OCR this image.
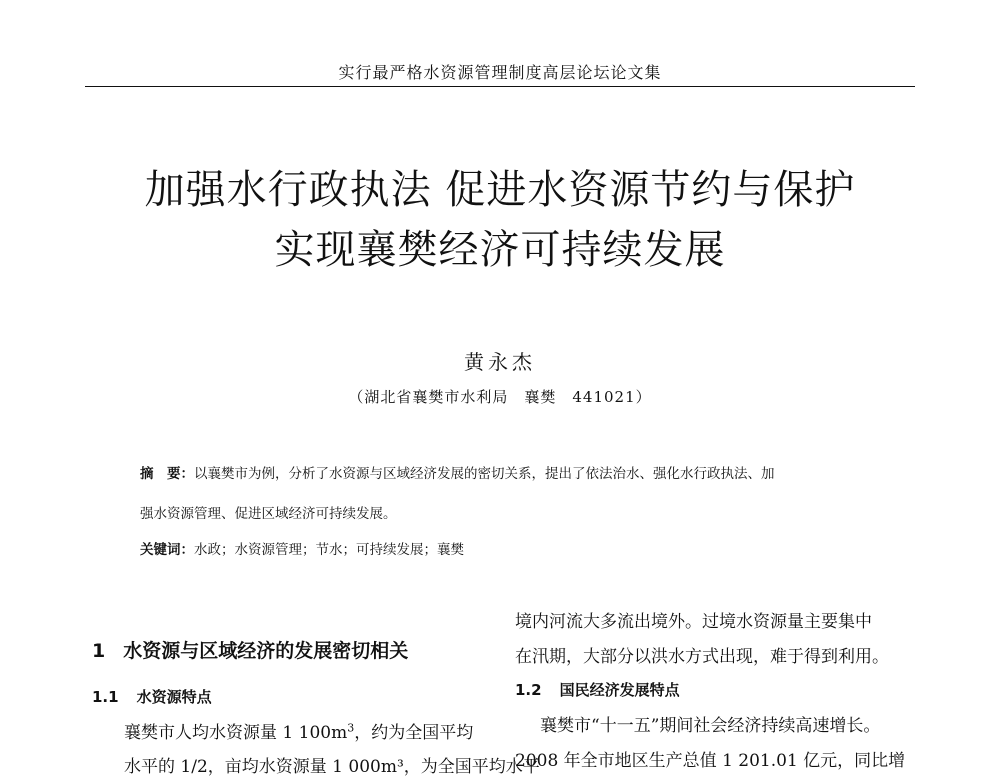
实行最严格水资源管理制度高层论坛论文集
加强水行政执法 促进水资源节约与保护
实现襄樊经济可持续发展
黄永杰
（湖北省襄樊市水利局　襄樊　441021）
摘　要：以襄樊市为例，分析了水资源与区域经济发展的密切关系，提出了依法治水、强化水行政执法、加
强水资源管理、促进区域经济可持续发展。
关键词：水政；水资源管理；节水；可持续发展；襄樊
1 水资源与区域经济的发展密切相关
1.1 水资源特点
襄樊市人均水资源量 1 $100m^3$，约为全国平均
水平的 1/2，亩均水资源量 1 000m³，为全国平均水平
境内河流大多流出境外。过境水资源量主要集中
在汛期，大部分以洪水方式出现，难于得到利用。
1.2 国民经济发展特点
襄樊市“十一五”期间社会经济持续高速增长。
2008 年全市地区生产总值 1 201.01 亿元，同比增
